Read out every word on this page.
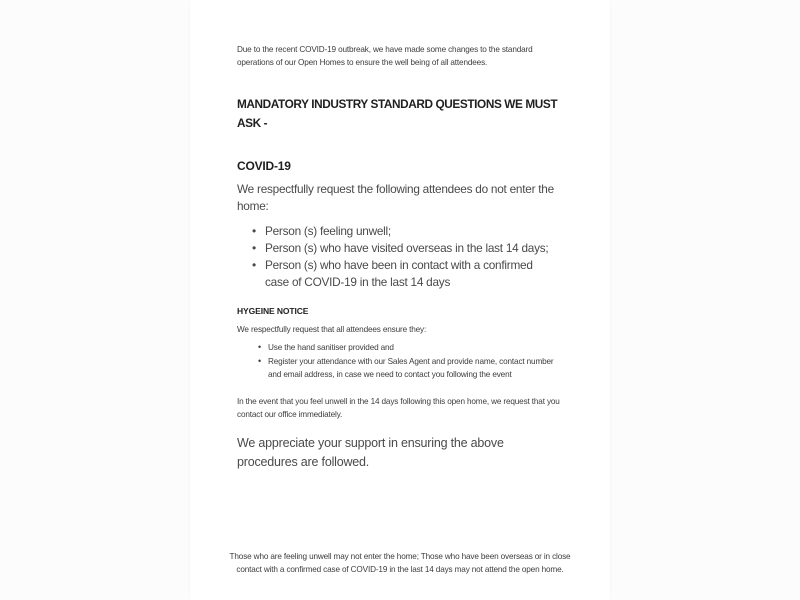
Due to the recent COVID-19 outbreak, we have made some changes to the standard operations of our Open Homes to ensure the well being of all attendees.

MANDATORY INDUSTRY STANDARD QUESTIONS WE MUST ASK -
COVID-19

We respectfully request the following attendees do not enter the home:

• Person (s) feeling unwell;
• Person (s) who have visited overseas in the last 14 days;
• Person (s) who have been in contact with a confirmed case of COVID-19 in the last 14 days
HYGEINE NOTICE

We respectfully request that all attendees ensure they:

• Use the hand sanitiser provided and
• Register your attendance with our Sales Agent and provide name, contact number and email address, in case we need to contact you following the event

In the event that you feel unwell in the 14 days following this open home, we request that you contact our office immediately.

We appreciate your support in ensuring the above procedures are followed.

Those who are feeling unwell may not enter the home; Those who have been overseas or in close contact with a confirmed case of COVID-19 in the last 14 days may not attend the open home.
